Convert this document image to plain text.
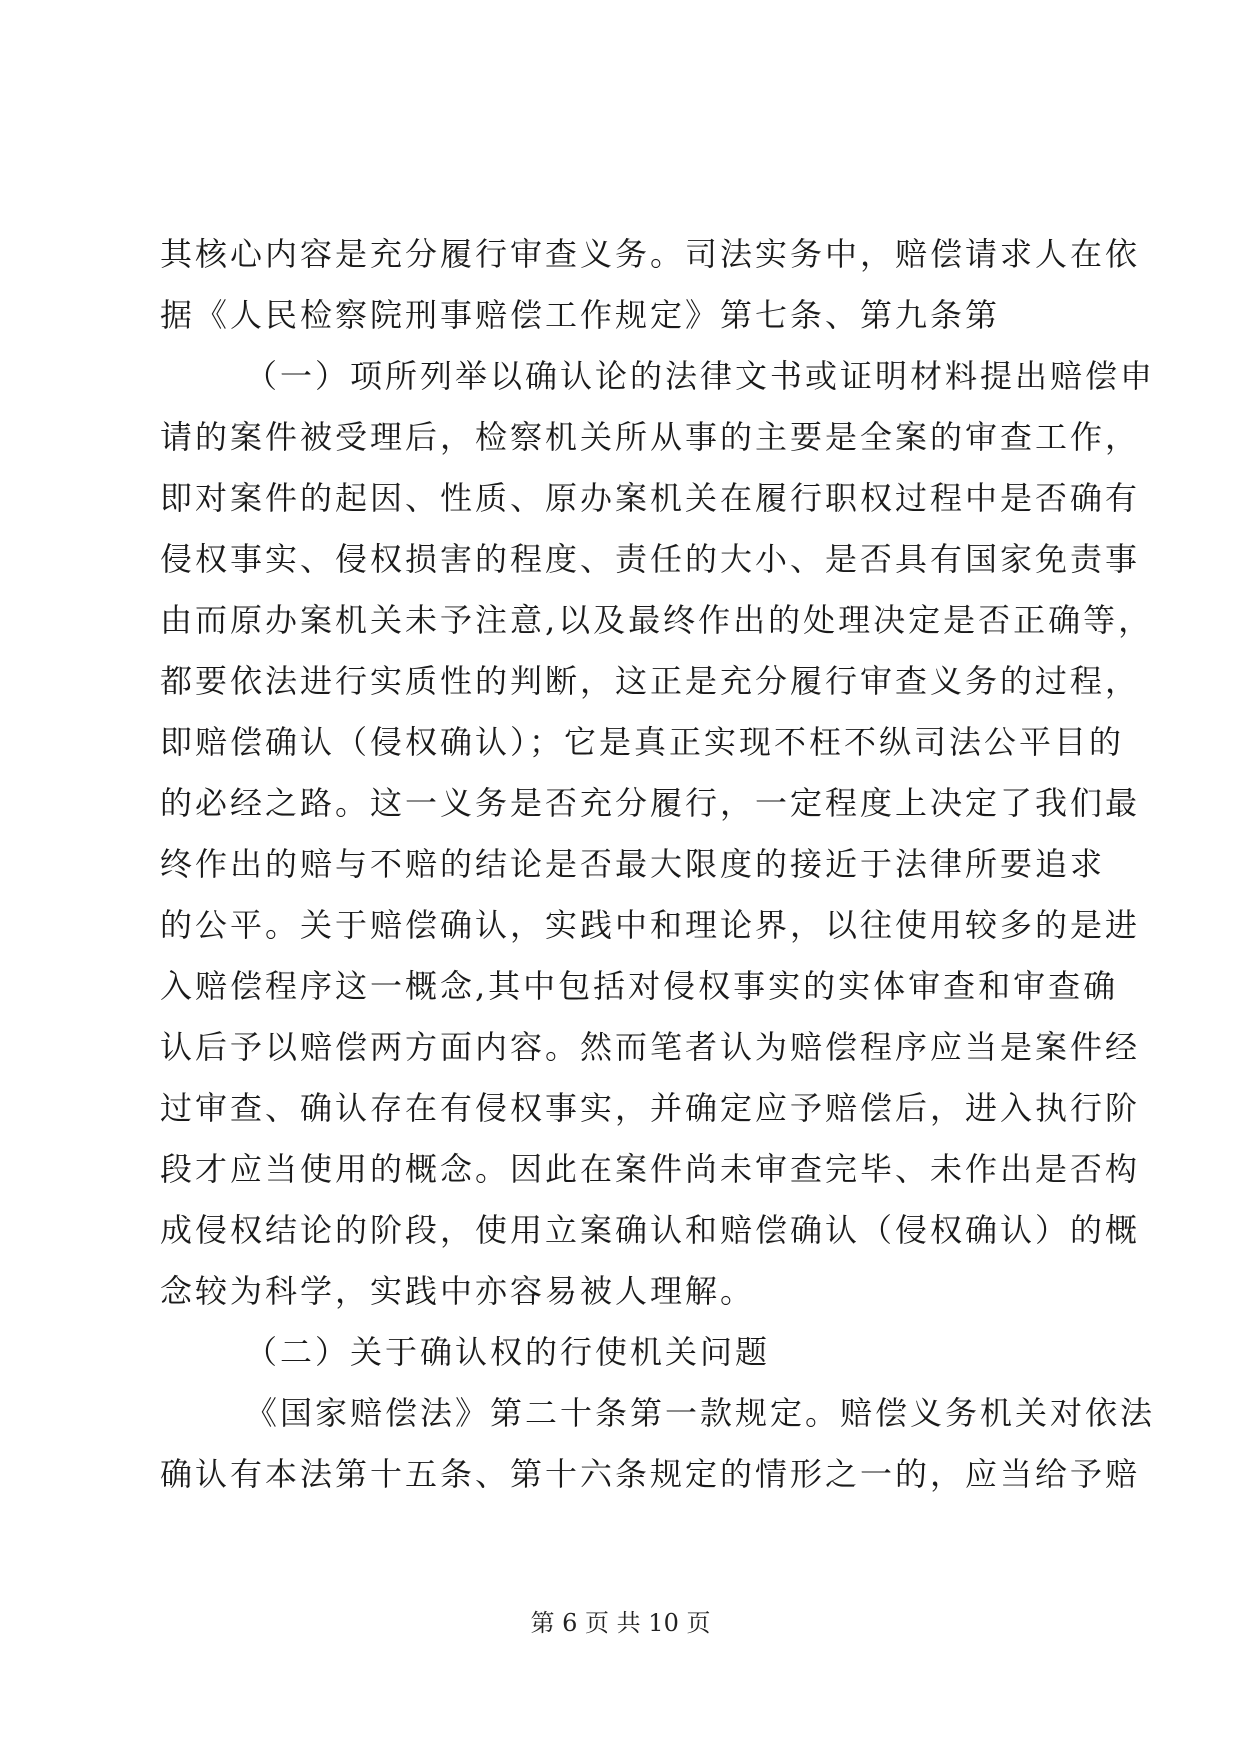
其核心内容是充分履行审查义务。司法实务中，赔偿请求人在依
据《人民检察院刑事赔偿工作规定》第七条、第九条第
（一）项所列举以确认论的法律文书或证明材料提出赔偿申
请的案件被受理后，检察机关所从事的主要是全案的审查工作，
即对案件的起因、性质、原办案机关在履行职权过程中是否确有
侵权事实、侵权损害的程度、责任的大小、是否具有国家免责事
由而原办案机关未予注意,以及最终作出的处理决定是否正确等，
都要依法进行实质性的判断，这正是充分履行审查义务的过程，
即赔偿确认（侵权确认）；它是真正实现不枉不纵司法公平目的
的必经之路。这一义务是否充分履行，一定程度上决定了我们最
终作出的赔与不赔的结论是否最大限度的接近于法律所要追求
的公平。关于赔偿确认，实践中和理论界，以往使用较多的是进
入赔偿程序这一概念,其中包括对侵权事实的实体审查和审查确
认后予以赔偿两方面内容。然而笔者认为赔偿程序应当是案件经
过审查、确认存在有侵权事实，并确定应予赔偿后，进入执行阶
段才应当使用的概念。因此在案件尚未审查完毕、未作出是否构
成侵权结论的阶段，使用立案确认和赔偿确认（侵权确认）的概
念较为科学，实践中亦容易被人理解。
（二）关于确认权的行使机关问题
《国家赔偿法》第二十条第一款规定。赔偿义务机关对依法
确认有本法第十五条、第十六条规定的情形之一的，应当给予赔
第 6 页 共 10 页
